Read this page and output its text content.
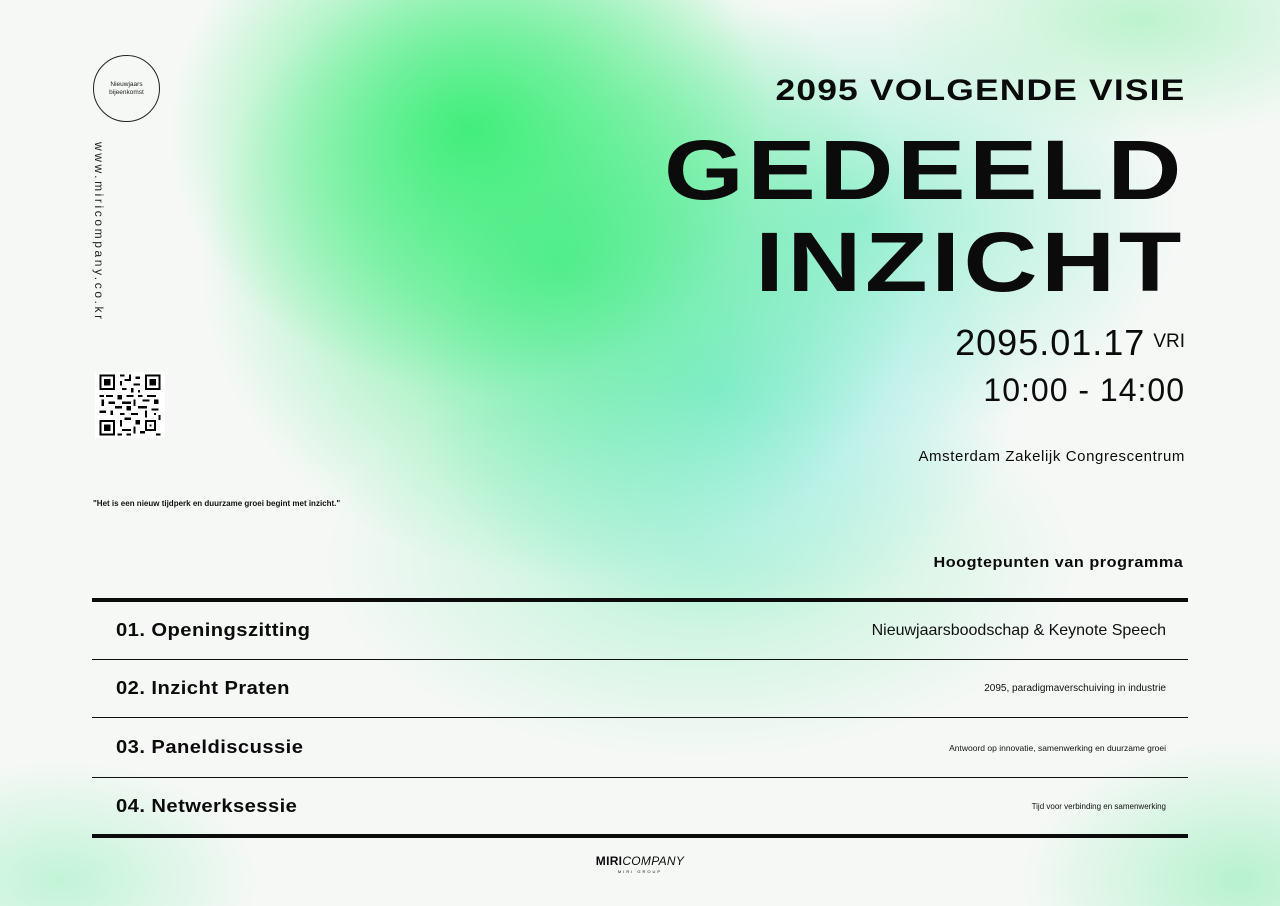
Nieuwjaars
bijeenkomst
www.miricompany.co.kr
"Het is een nieuw tijdperk en duurzame groei begint met inzicht."
2095 VOLGENDE VISIE
GEDEELD
INZICHT
2095.01.17 VRI
10:00 - 14:00
Amsterdam Zakelijk Congrescentrum
Hoogtepunten van programma
01. Openingszitting	Nieuwjaarsboodschap & Keynote Speech
02. Inzicht Praten	2095, paradigmaverschuiving in industrie
03. Paneldiscussie	Antwoord op innovatie, samenwerking en duurzame groei
04. Netwerksessie	Tijd voor verbinding en samenwerking
MIRICOMPANY
MIRI GROUP
